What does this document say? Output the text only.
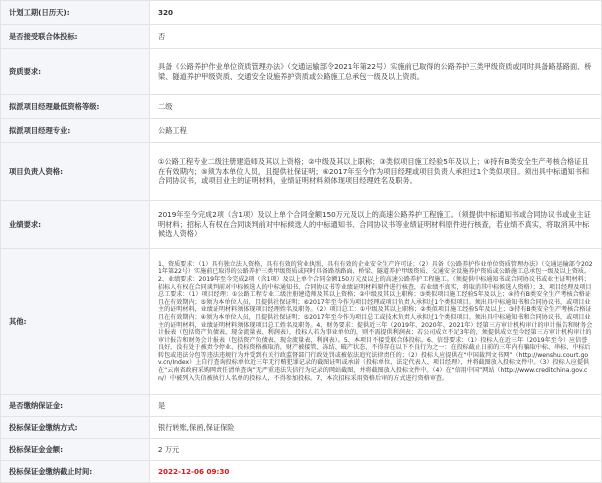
计划工期(日历天):	320
是否接受联合体投标:	否
资质要求:	具备《公路养护作业单位资质管理办法》（交通运输部令2021年第22号）实施前已取得的公路养护三类甲级资质或同时具备路基路面、桥梁、隧道养护甲级资质、交通安全设施养护资质或公路施工总承包一级及以上资质。
拟派项目经理最低资格等级:	二级
拟派项目经理专业:	公路工程
项目负责人资格:	①公路工程专业二级注册建造师及其以上资格；②中级及其以上职称；③类似项目施工经验5年及以上；④持有B类安全生产考核合格证且在有效期内；⑤须为本单位人员，且提供社保证明；⑥2017年至今作为项目经理或项目负责人承担过1个类似项目。须出具中标通知书和合同协议书，或项目业主的证明材料，业绩证明材料须体现项目经理姓名及职务。
业绩要求:	2019年至今完成2项（含1项）及以上单个合同金额150万元及以上的高速公路养护工程施工。（须提供中标通知书或合同协议书或业主证明材料；招标人有权在合同谈判前对中标候选人的中标通知书、合同协议书等业绩证明材料原件进行核查，若业绩不真实，将取消其中标候选人资格）
其他:	1、资质要求：（1）具有独立法人资格，具有有效的营业执照，具有有效的企业安全生产许可证；（2）具备《公路养护作业单位资质管理办法》（交通运输部令2021年第22号）实施前已取得的公路养护三类甲级资质或同时具备路基路面、桥梁、隧道养护甲级资质、交通安全设施养护资质或公路施工总承包一级及以上资质。2、业绩要求：2019年至今完成2项（含1项）及以上单个合同金额150万元及以上的高速公路养护工程施工。（须提供中标通知书或合同协议书或业主证明材料；招标人有权在合同谈判前对中标候选人的中标通知书、合同协议书等业绩证明材料原件进行核查，若业绩不真实，将取消其中标候选人资格）；3、项目经理及项目总工要求：（1）项目经理：①公路工程专业二级注册建造师及其以上资格；②中级及其以上职称；③类似项目施工经验5年及以上；④持有B类安全生产考核合格证且在有效期内；⑤须为本单位人员，且提供社保证明；⑥2017年至今作为项目经理或项目负责人承担过1个类似项目。须出具中标通知书和合同协议书，或项目业主的证明材料，业绩证明材料须体现项目经理姓名及职务。（2）项目总工：①中级及其以上职称；②类似项目施工经验5年及以上；③持有B类安全生产考核合格证且在有效期内；④须为本单位人员，且提供社保证明；⑤2017年至今作为项目总工或技术负责人承担过1个类似项目。须出具中标通知书和合同协议书，或项目业主的证明材料，业绩证明材料须体现项目总工姓名及职务。4、财务要求：提供近三年（2019年、2020年、2021年）经第三方审计机构审计的审计报告和财务会计报表（包括资产负债表、现金流量表、利润表），投标人若为事业单位的，则不需提供利润表；若公司成立不足3年的，须提供成立至今经第三方审计机构审计的审计报告和财务会计报表（包括资产负债表、现金流量表、利润表）。5、本项目不接受联合体投标。6、信誉要求：（1）投标人在近三年（2019年至今）应信誉良好，没有处于被责令停业、投标资格被取消，财产被接管、冻结、破产状态，不得存在以下不良行为之一：在投标截止日前的三年内有骗取中标、串标、中标后转包或违法分包等违法违规行为并受到有关行政监督部门行政处罚或被依法追究法律责任的；（2）投标人应提供在“中国裁判文书网”（http://wenshu.court.gov.cn/Index）上自行查询投标单位近三年无行贿犯罪记录的截图证明或承诺（投标单位、法定代表人、项目经理），并将截图放入投标文件中。（3）投标人应提供在“云南省政府采购网责任清单查询”无严重违法失信行为记录的网站截图，并将截图放入投标文件中。（4）在“信用中国”网站（http://www.creditchina.gov.cn/）中被列入失信被执行人名单的投标人，不得参加投标。7、本次招标采用资格后审的方式进行资格审查。
是否缴纳保证金:	是
投标保证金缴纳方式:	银行转账,保函,保证保险
投标保证金金额:	2 万元
投标保证金缴纳截止时间:	2022-12-06 09:30
